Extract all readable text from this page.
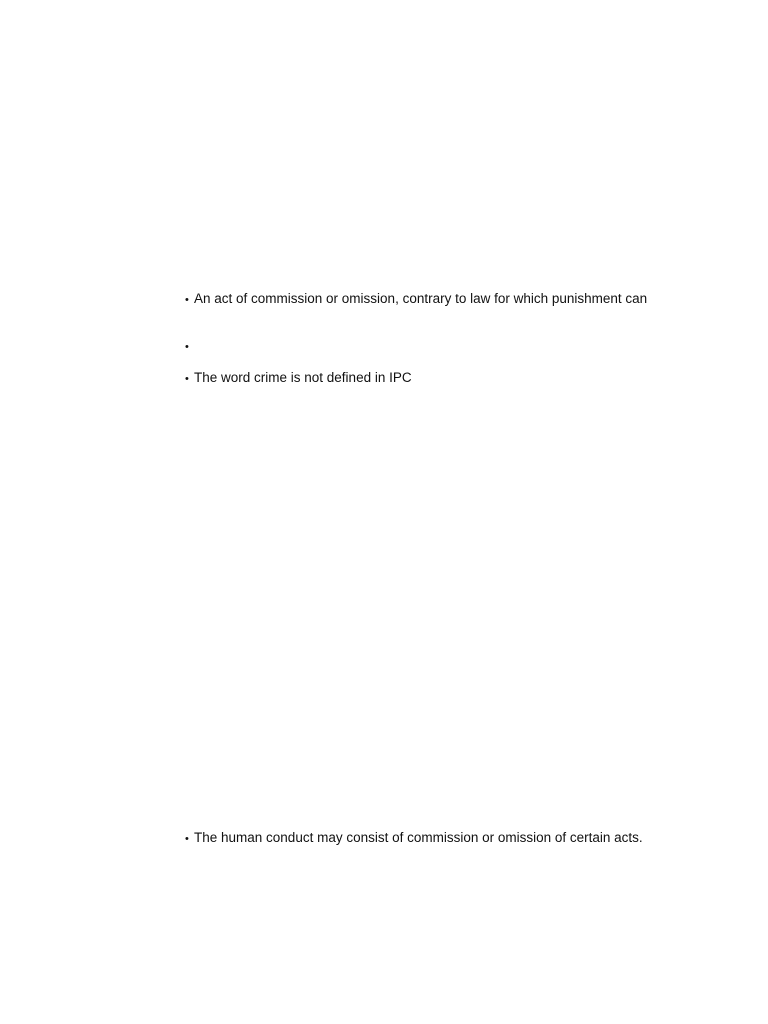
• An act of commission or omission, contrary to law for which punishment can
•
• The word crime is not defined in IPC
• The human conduct may consist of commission or omission of certain acts.
